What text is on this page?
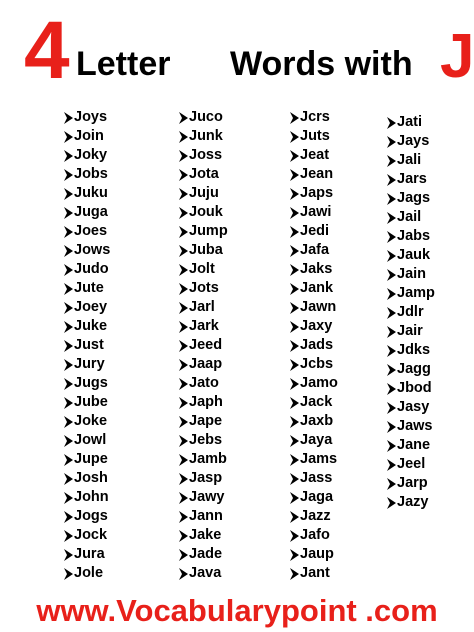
4 Letter Words with J
Joys
Join
Joky
Jobs
Juku
Juga
Joes
Jows
Judo
Jute
Joey
Juke
Just
Jury
Jugs
Jube
Joke
Jowl
Jupe
Josh
John
Jogs
Jock
Jura
Jole
Juco
Junk
Joss
Jota
Juju
Jouk
Jump
Juba
Jolt
Jots
Jarl
Jark
Jeed
Jaap
Jato
Japh
Jape
Jebs
Jamb
Jasp
Jawy
Jann
Jake
Jade
Java
Jcrs
Juts
Jeat
Jean
Japs
Jawi
Jedi
Jafa
Jaks
Jank
Jawn
Jaxy
Jads
Jcbs
Jamo
Jack
Jaxb
Jaya
Jams
Jass
Jaga
Jazz
Jafo
Jaup
Jant
Jati
Jays
Jali
Jars
Jags
Jail
Jabs
Jauk
Jain
Jamp
Jdlr
Jair
Jdks
Jagg
Jbod
Jasy
Jaws
Jane
Jeel
Jarp
Jazy
www.Vocabularypoint .com
